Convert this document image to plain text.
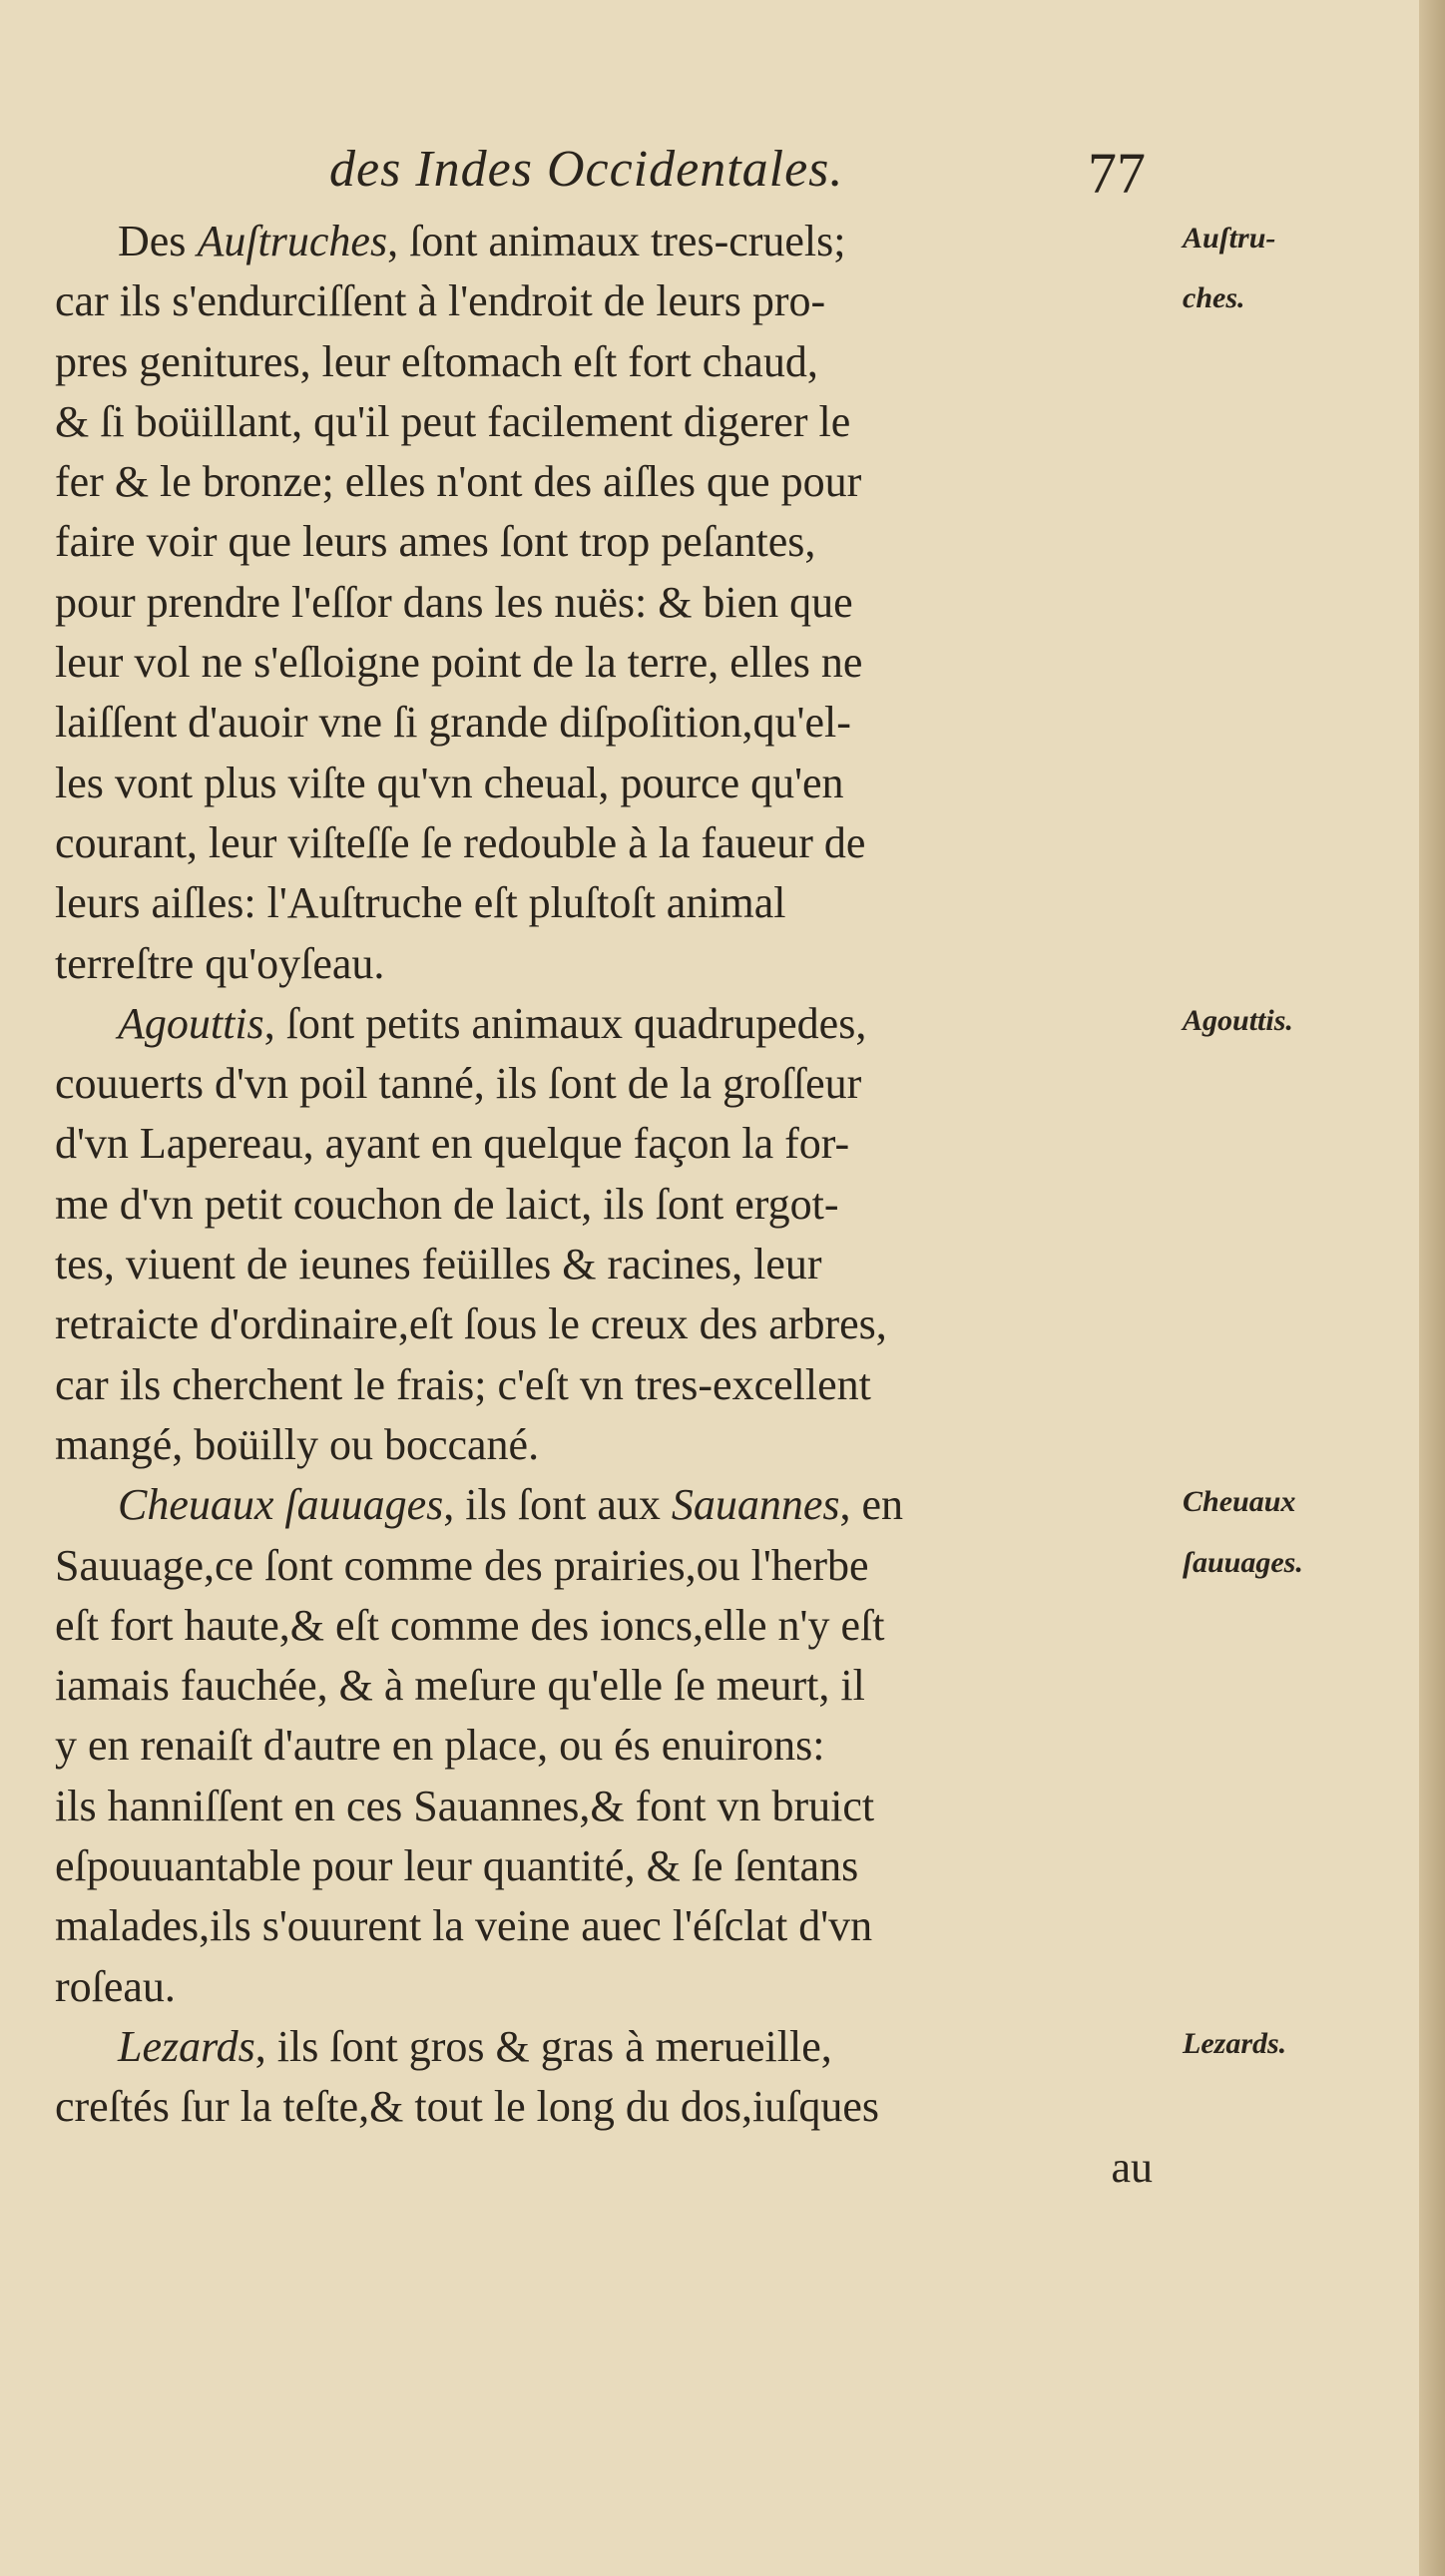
des Indes Occidentales.	77
Des Auſtruches, ſont animaux tres-cruels;
car ils s'endurciſſent à l'endroit de leurs pro-
pres genitures, leur eſtomach eſt fort chaud,
& ſi boüillant, qu'il peut facilement digerer le
fer & le bronze; elles n'ont des aiſles que pour
faire voir que leurs ames ſont trop peſantes,
pour prendre l'eſſor dans les nuës: & bien que
leur vol ne s'eſloigne point de la terre, elles ne
laiſſent d'auoir vne ſi grande diſpoſition,qu'el-
les vont plus viſte qu'vn cheual, pource qu'en
courant, leur viſteſſe ſe redouble à la faueur de
leurs aiſles: l'Auſtruche eſt pluſtoſt animal
terreſtre qu'oyſeau.
Agouttis, ſont petits animaux quadrupedes,
couuerts d'vn poil tanné, ils ſont de la groſſeur
d'vn Lapereau, ayant en quelque façon la for-
me d'vn petit couchon de laict, ils ſont ergot-
tes, viuent de ieunes feüilles & racines, leur
retraicte d'ordinaire,eſt ſous le creux des arbres,
car ils cherchent le frais; c'eſt vn tres-excellent
mangé, boüilly ou boccané.
Cheuaux ſauuages, ils ſont aux Sauannes, en
Sauuage,ce ſont comme des prairies,ou l'herbe
eſt fort haute,& eſt comme des ioncs,elle n'y eſt
iamais fauchée, & à meſure qu'elle ſe meurt, il
y en renaiſt d'autre en place, ou és enuirons:
ils hanniſſent en ces Sauannes,& font vn bruict
eſpouuantable pour leur quantité, & ſe ſentans
malades,ils s'ouurent la veine auec l'éſclat d'vn
roſeau.
Lezards, ils ſont gros & gras à merueille,
creſtés ſur la teſte,& tout le long du dos,iuſques
au
Auſtru-
ches.
Agouttis.
Cheuaux
ſauuages.
Lezards.
